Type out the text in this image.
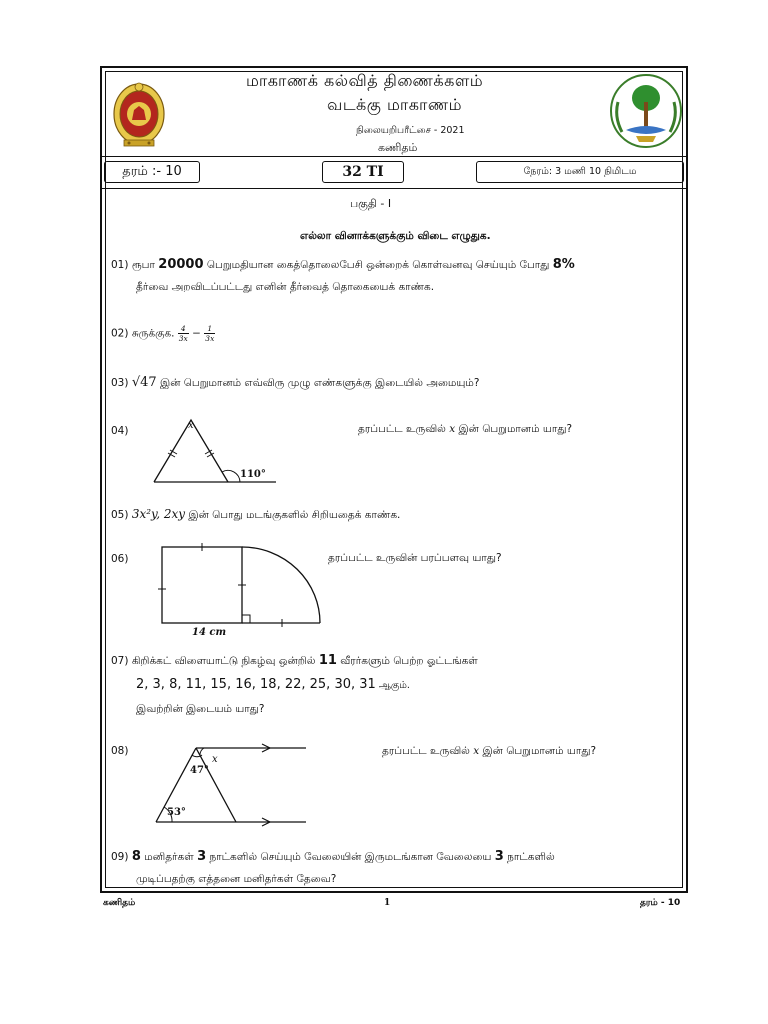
மாகாணக் கல்வித் திணைக்களம்
வடக்கு மாகாணம்
நிலையறிபரீட்சை - 2021
கணிதம்
தரம் :- 10	32 TI	நேரம்: 3 மணி 10 நிமிடம
பகுதி - I
எல்லா வினாக்களுக்கும் விடை எழுதுக.
01) ரூபா 20000 பெறுமதியான கைத்தொலைபேசி ஒன்றைக் கொள்வனவு செய்யும் போது 8%
தீர்வை அறவிடப்பட்டது எனின் தீர்வைத் தொகையைக் காண்க.
02) சுருக்குக. $\frac{4}{3x} - \frac{1}{3x}$
03) √47 இன் பெறுமானம் எவ்விரு முழு எண்களுக்கு இடையில் அமையும்?
04)	x
110°
தரப்பட்ட உருவில் x இன் பெறுமானம் யாது?
05) 3x²y, 2xy இன் பொது மடங்குகளில் சிறியதைக் காண்க.
06)
14 cm
தரப்பட்ட உருவின் பரப்பளவு யாது?
07) கிறிக்கட் விளையாட்டு நிகழ்வு ஒன்றில் 11 வீரர்களும் பெற்ற ஓட்டங்கள்
2, 3, 8, 11, 15, 16, 18, 22, 25, 30, 31 ஆகும்.
இவற்றின் இடையம் யாது?
08)
47°
x
53°
தரப்பட்ட உருவில் x இன் பெறுமானம் யாது?
09) 8 மனிதர்கள் 3 நாட்களில் செய்யும் வேலையின் இருமடங்கான வேலையை 3 நாட்களில்
முடிப்பதற்கு எத்தனை மனிதர்கள் தேவை?
கணிதம்	1	தரம் - 10
